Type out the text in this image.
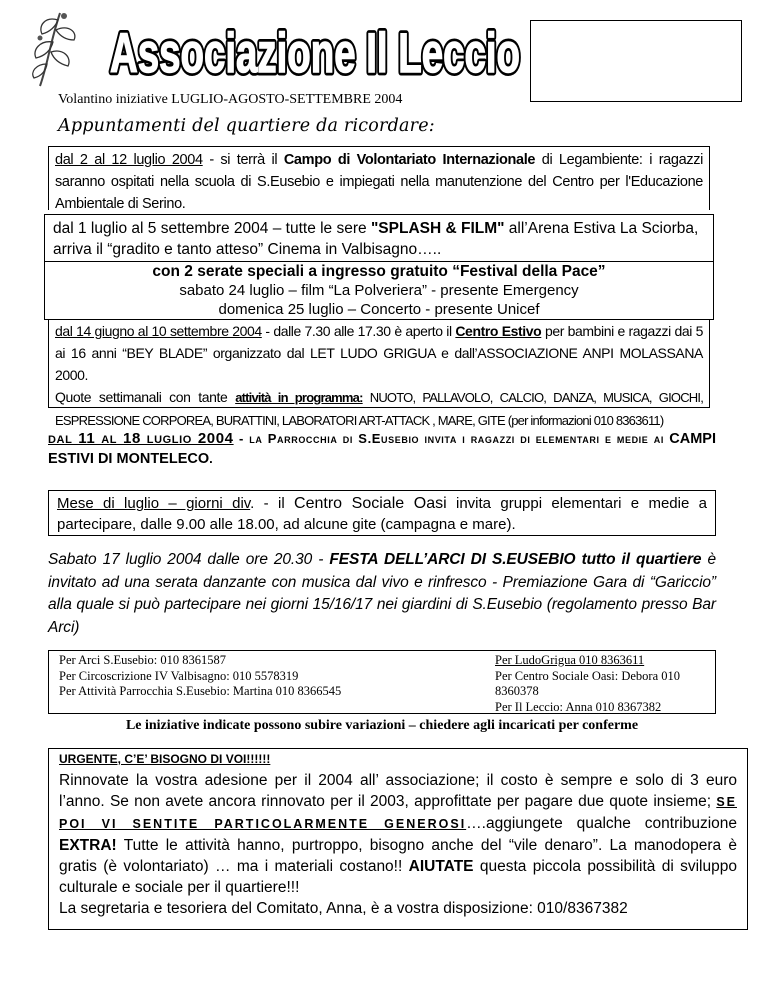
Associazione Il Leccio
Associazione Il Leccio
Volantino iniziative LUGLIO-AGOSTO-SETTEMBRE 2004
Appuntamenti del quartiere da ricordare:
dal 2 al 12 luglio 2004 - si terrà il Campo di Volontariato Internazionale di Legambiente: i ragazzi saranno ospitati nella scuola di S.Eusebio e impiegati nella manutenzione del Centro per l'Educazione Ambientale di Serino.
dal 1 luglio al 5 settembre 2004 – tutte le sere "SPLASH & FILM" all’Arena Estiva La Sciorba, arriva il “gradito e tanto atteso” Cinema in Valbisagno…..
con 2 serate speciali a ingresso gratuito “Festival della Pace”
sabato 24 luglio – film “La Polveriera” - presente Emergency
domenica 25 luglio – Concerto - presente Unicef
dal 14 giugno al 10 settembre 2004 - dalle 7.30 alle 17.30 è aperto il Centro Estivo per bambini e ragazzi dai 5 ai 16 anni “BEY BLADE” organizzato dal LET LUDO GRIGUA e dall’ASSOCIAZIONE ANPI MOLASSANA 2000.
Quote settimanali con tante attività in programma: NUOTO, PALLAVOLO, CALCIO, DANZA, MUSICA, GIOCHI, ESPRESSIONE CORPOREA, BURATTINI, LABORATORI ART-ATTACK , MARE, GITE (per informazioni 010 8363611)
dal 11 al 18 luglio 2004 - la Parrocchia di S.Eusebio invita i ragazzi di elementari e medie ai CAMPI ESTIVI DI MONTELECO.
Mese di luglio – giorni div. - il Centro Sociale Oasi invita gruppi elementari e medie a partecipare, dalle 9.00 alle 18.00, ad alcune gite (campagna e mare).
Sabato 17 luglio 2004 dalle ore 20.30 - FESTA DELL’ARCI DI S.EUSEBIO tutto il quartiere è invitato ad una serata danzante con musica dal vivo e rinfresco - Premiazione Gara di “Gariccio” alla quale si può partecipare nei giorni 15/16/17 nei giardini di S.Eusebio (regolamento presso Bar Arci)
Per Arci S.Eusebio: 010 8361587
Per Circoscrizione IV Valbisagno: 010 5578319
Per Attività Parrocchia S.Eusebio: Martina 010 8366545
Per LudoGrigua 010 8363611
Per Centro Sociale Oasi: Debora 010 8360378
Per Il Leccio: Anna 010 8367382
Le iniziative indicate possono subire variazioni – chiedere agli incaricati per conferme
URGENTE, C’E’ BISOGNO DI VOI!!!!!!
Rinnovate la vostra adesione per il 2004 all’ associazione; il costo è sempre e solo di 3 euro l’anno. Se non avete ancora rinnovato per il 2003, approfittate per pagare due quote insieme; SE POI VI SENTITE PARTICOLARMENTE GENEROSI….aggiungete qualche contribuzione EXTRA! Tutte le attività hanno, purtroppo, bisogno anche del “vile denaro”. La manodopera è gratis (è volontariato) … ma i materiali costano!! AIUTATE questa piccola possibilità di sviluppo culturale e sociale per il quartiere!!!
La segretaria e tesoriera del Comitato, Anna, è a vostra disposizione: 010/8367382
